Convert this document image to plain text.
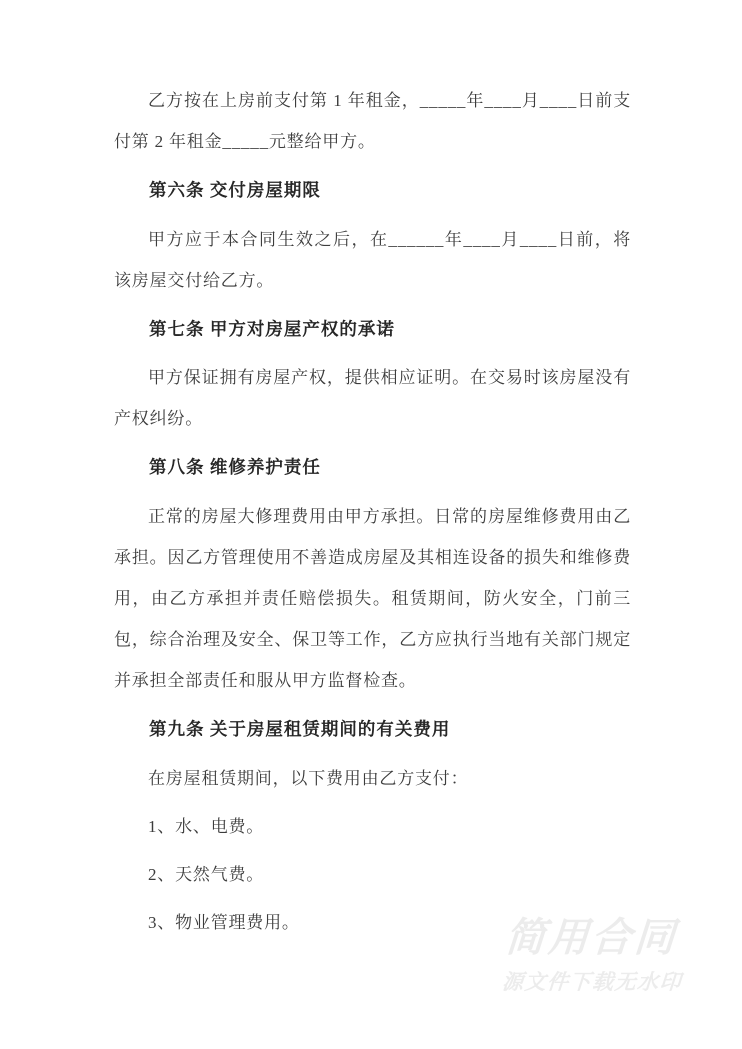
乙方按在上房前支付第 1 年租金，_____年____月____日前支付第 2 年租金_____元整给甲方。

第六条 交付房屋期限

甲方应于本合同生效之后，在______年____月____日前，将该房屋交付给乙方。

第七条 甲方对房屋产权的承诺

甲方保证拥有房屋产权，提供相应证明。在交易时该房屋没有产权纠纷。

第八条 维修养护责任

正常的房屋大修理费用由甲方承担。日常的房屋维修费用由乙承担。因乙方管理使用不善造成房屋及其相连设备的损失和维修费用，由乙方承担并责任赔偿损失。租赁期间，防火安全，门前三包，综合治理及安全、保卫等工作，乙方应执行当地有关部门规定并承担全部责任和服从甲方监督检查。

第九条 关于房屋租赁期间的有关费用

在房屋租赁期间，以下费用由乙方支付：

1、水、电费。

2、天然气费。

3、物业管理费用。	简用合同
源文件下载无水印
